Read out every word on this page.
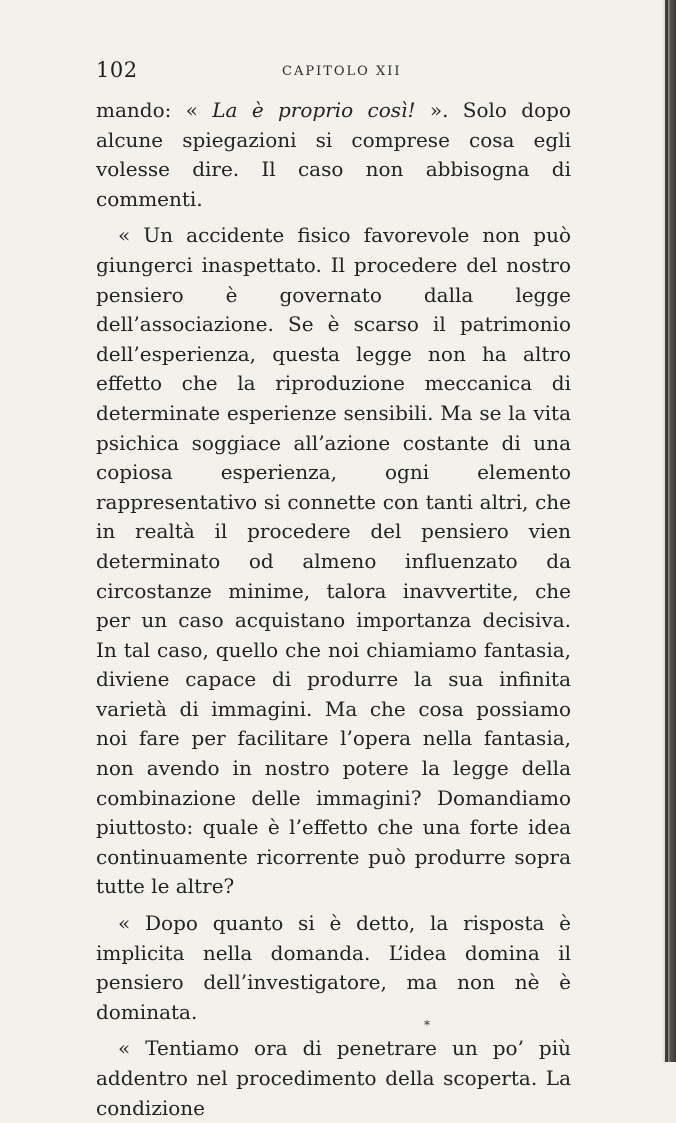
102	CAPITOLO XII

mando: « La è proprio così! ». Solo dopo alcune spiegazioni si comprese cosa egli volesse dire. Il caso non abbisogna di commenti.

« Un accidente fisico favorevole non può giungerci inaspettato. Il procedere del nostro pensiero è governato dalla legge dell’associazione. Se è scarso il patrimonio dell’esperienza, questa legge non ha altro effetto che la riproduzione meccanica di determinate esperienze sensibili. Ma se la vita psichica soggiace all’azione costante di una copiosa esperienza, ogni elemento rappresentativo si connette con tanti altri, che in realtà il procedere del pensiero vien determinato od almeno influenzato da circostanze minime, talora inavvertite, che per un caso acquistano importanza decisiva. In tal caso, quello che noi chiamiamo fantasia, diviene capace di produrre la sua infinita varietà di immagini. Ma che cosa possiamo noi fare per facilitare l’opera nella fantasia, non avendo in nostro potere la legge della combinazione delle immagini? Domandiamo piuttosto: quale è l’effetto che una forte idea continuamente ricorrente può produrre sopra tutte le altre?

« Dopo quanto si è detto, la risposta è implicita nella domanda. L’idea domina il pensiero dell’investigatore, ma non nè è dominata.

« Tentiamo ora di penetrare un po’ più addentro nel procedimento della scoperta. La condizione

*
